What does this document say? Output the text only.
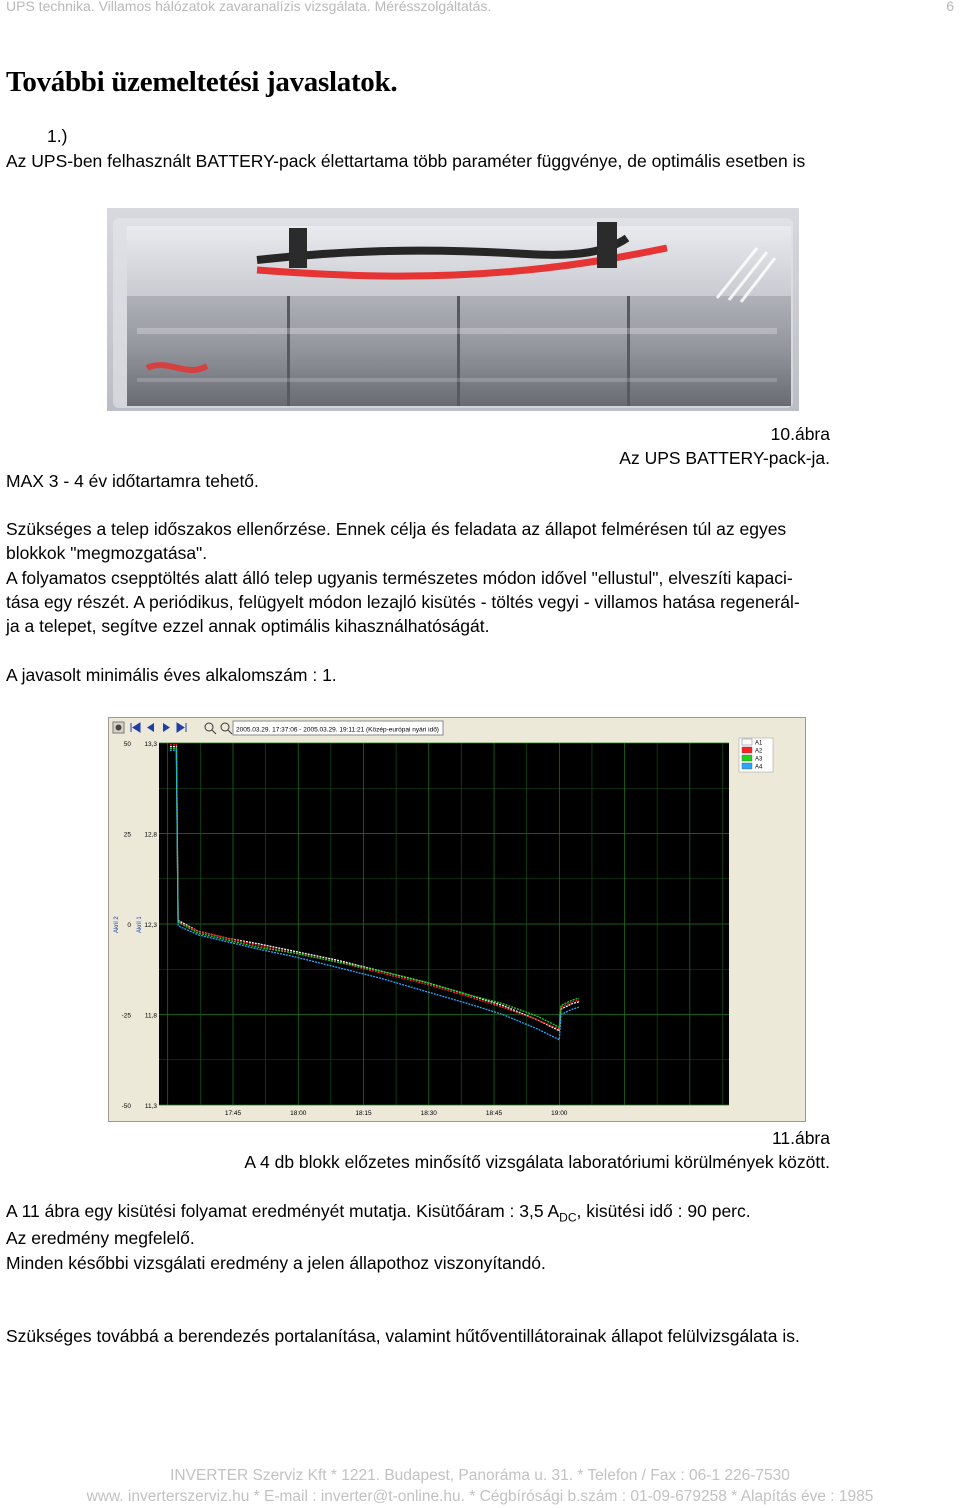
UPS technika. Villamos hálózatok zavaranalízis vizsgálata. Mérésszolgáltatás.	6
További üzemeltetési javaslatok.
1.)
Az UPS-ben felhasznált BATTERY-pack élettartama több paraméter függvénye, de optimális esetben is
10.ábra
Az UPS BATTERY-pack-ja.
MAX 3 - 4 év időtartamra tehető.
Szükséges a telep időszakos ellenőrzése. Ennek célja és feladata az állapot felmérésen túl az egyes
blokkok "megmozgatása".
A folyamatos csepptöltés alatt álló telep ugyanis természetes módon idővel "ellustul", elveszíti kapaci-
tása egy részét. A periódikus, felügyelt módon lezajló kisütés - töltés vegyi - villamos hatása regenerál-
ja a telepet, segítve ezzel annak optimális kihasználhatóságát.
A javasolt minimális éves alkalomszám : 1.
2005.03.29. 17:37:06 - 2005.03.29. 19:11:21 (Közép-európai nyári idő)
50
25
0
-25
-50
13,3
12,8
12,3
11,8
11,3
17:45	18:00	18:15	18:30	18:45	19:00
Akril 2	Akril 1
A1
A2
A3
A4
11.ábra
A 4 db blokk előzetes minősítő vizsgálata laboratóriumi körülmények között.
A 11 ábra egy kisütési folyamat eredményét mutatja. Kisütőáram : 3,5 $A_{DC}$, kisütési idő : 90 perc.
Az eredmény megfelelő.
Minden későbbi vizsgálati eredmény a jelen állapothoz viszonyítandó.
Szükséges továbbá a berendezés portalanítása, valamint hűtőventillátorainak állapot felülvizsgálata is.
INVERTER Szerviz Kft * 1221. Budapest, Panoráma u. 31. * Telefon / Fax : 06-1 226-7530
www. inverterszerviz.hu * E-mail : inverter@t-online.hu. * Cégbírósági b.szám : 01-09-679258 * Alapítás éve : 1985
